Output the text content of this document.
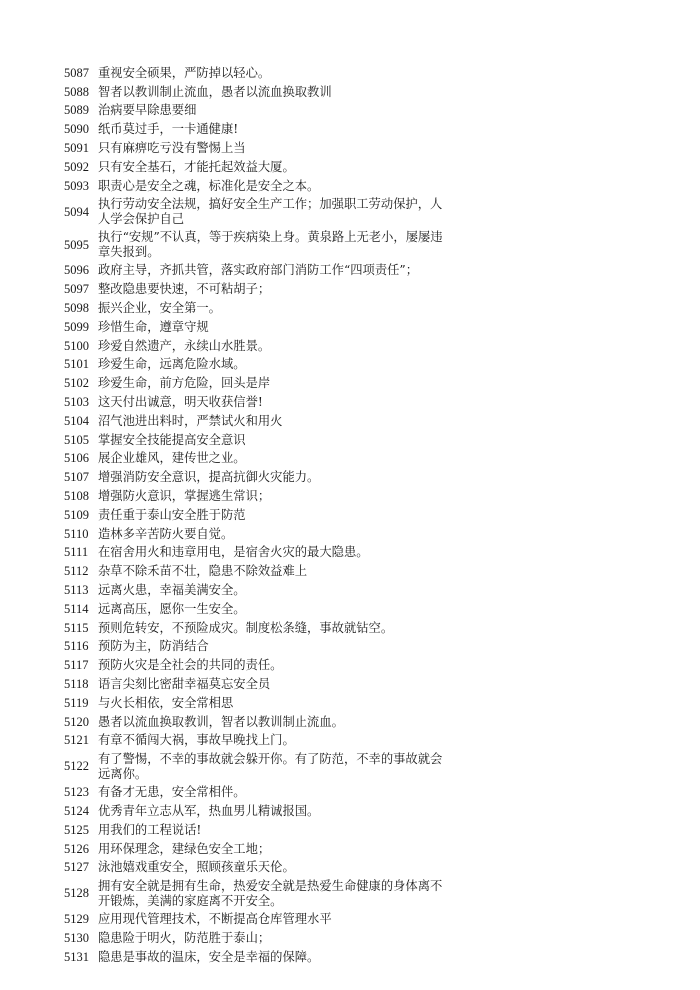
5087 重视安全硕果，严防掉以轻心。
5088 智者以教训制止流血，愚者以流血换取教训
5089 治病要早除患要细
5090 纸币莫过手，一卡通健康!
5091 只有麻痹吃亏没有警惕上当
5092 只有安全基石，才能托起效益大厦。
5093 职责心是安全之魂，标准化是安全之本。
5094
执行劳动安全法规，搞好安全生产工作；加强职工劳动保护，人人学会保护自己
5095
执行“安规”不认真，等于疾病染上身。黄泉路上无老小，屡屡违章失报到。
5096 政府主导，齐抓共管，落实政府部门消防工作“四项责任”；
5097 整改隐患要快速，不可粘胡子；
5098 振兴企业，安全第一。
5099 珍惜生命，遵章守规
5100 珍爱自然遗产，永续山水胜景。
5101 珍爱生命，远离危险水域。
5102 珍爱生命，前方危险，回头是岸
5103 这天付出诚意，明天收获信誉!
5104 沼气池进出料时，严禁试火和用火
5105 掌握安全技能提高安全意识
5106 展企业雄风，建传世之业。
5107 增强消防安全意识，提高抗御火灾能力。
5108 增强防火意识，掌握逃生常识；
5109 责任重于泰山安全胜于防范
5110 造林多辛苦防火要自觉。
5111 在宿舍用火和违章用电，是宿舍火灾的最大隐患。
5112 杂草不除禾苗不壮，隐患不除效益难上
5113 远离火患，幸福美满安全。
5114 远离高压，愿你一生安全。
5115 预则危转安，不预险成灾。制度松条缝，事故就钻空。
5116 预防为主，防消结合
5117 预防火灾是全社会的共同的责任。
5118 语言尖刻比密甜幸福莫忘安全员
5119 与火长相依，安全常相思
5120 愚者以流血换取教训，智者以教训制止流血。
5121 有章不循闯大祸，事故早晚找上门。
5122
有了警惕，不幸的事故就会躲开你。有了防范，不幸的事故就会远离你。
5123 有备才无患，安全常相伴。
5124 优秀青年立志从军，热血男儿精诚报国。
5125 用我们的工程说话!
5126 用环保理念，建绿色安全工地；
5127 泳池嬉戏重安全，照顾孩童乐天伦。
5128
拥有安全就是拥有生命，热爱安全就是热爱生命健康的身体离不开锻炼，美满的家庭离不开安全。
5129 应用现代管理技术，不断提高仓库管理水平
5130 隐患险于明火，防范胜于泰山；
5131 隐患是事故的温床，安全是幸福的保障。
